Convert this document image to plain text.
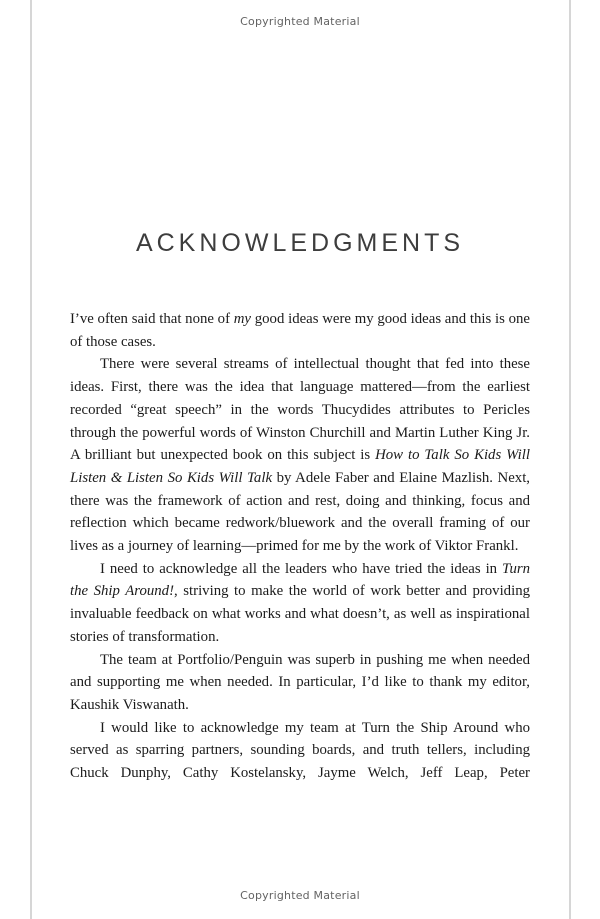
Copyrighted Material
ACKNOWLEDGMENTS

I’ve often said that none of my good ideas were my good ideas and this is one of those cases.

There were several streams of intellectual thought that fed into these ideas. First, there was the idea that language mattered—from the earliest recorded “great speech” in the words Thucydides attributes to Pericles through the powerful words of Winston Churchill and Martin Luther King Jr. A brilliant but unexpected book on this subject is How to Talk So Kids Will Listen & Listen So Kids Will Talk by Adele Faber and Elaine Mazlish. Next, there was the framework of action and rest, doing and thinking, focus and reflection which became redwork/bluework and the overall framing of our lives as a journey of learning—primed for me by the work of Viktor Frankl.

I need to acknowledge all the leaders who have tried the ideas in Turn the Ship Around!, striving to make the world of work better and providing invaluable feedback on what works and what doesn’t, as well as inspirational stories of transformation.

The team at Portfolio/Penguin was superb in pushing me when needed and supporting me when needed. In particular, I’d like to thank my editor, Kaushik Viswanath.

I would like to acknowledge my team at Turn the Ship Around who served as sparring partners, sounding boards, and truth tellers, including Chuck Dunphy, Cathy Kostelansky, Jayme Welch, Jeff Leap, Peter

Copyrighted Material
